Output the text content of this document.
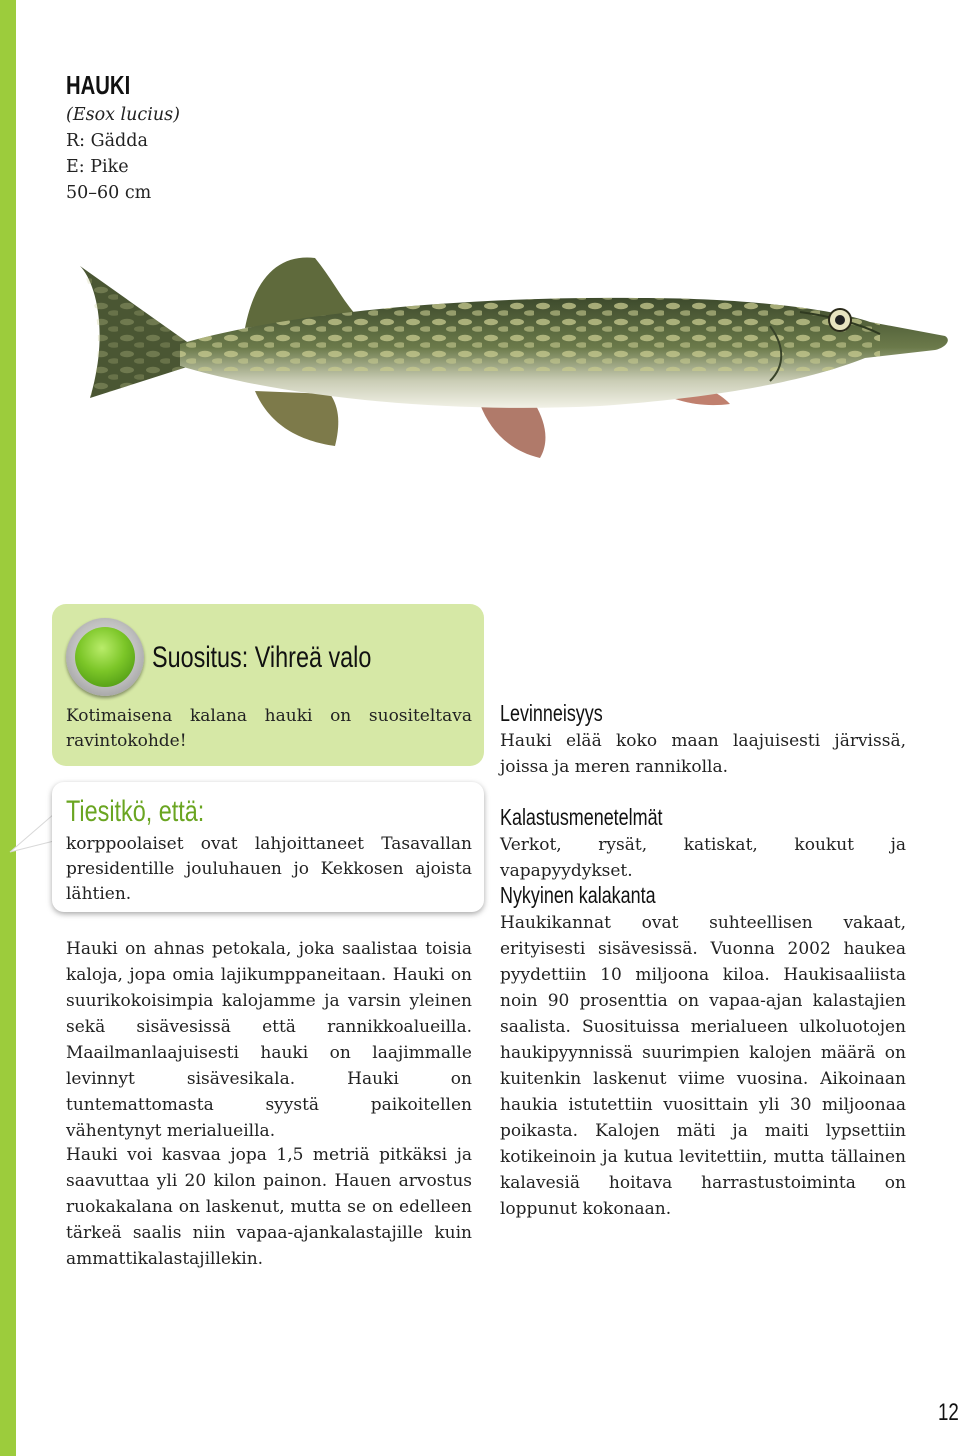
HAUKI
(Esox lucius)
R: Gädda
E: Pike
50–60 cm
Suositus: Vihreä valo
Kotimaisena kalana hauki on suositeltava ravintokohde!
Tiesitkö, että:
korppoolaiset ovat lahjoittaneet Tasavallan presidentille jouluhauen jo Kekkosen ajoista lähtien.
Hauki on ahnas petokala, joka saalistaa toisia kaloja, jopa omia lajikumppaneitaan. Hauki on suurikokoisimpia kalojamme ja varsin yleinen sekä sisävesissä että rannikkoalueilla. Maailmanlaajuisesti hauki on laajimmalle levinnyt sisävesikala. Hauki on tuntemattomasta syystä paikoitellen vähentynyt merialueilla.
Hauki voi kasvaa jopa 1,5 metriä pitkäksi ja saavuttaa yli 20 kilon painon. Hauen arvostus ruokakalana on laskenut, mutta se on edelleen tärkeä saalis niin vapaa-ajankalastajille kuin ammattikalastajillekin.
Levinneisyys
Hauki elää koko maan laajuisesti järvissä, joissa ja meren rannikolla.
Kalastusmenetelmät
Verkot, rysät, katiskat, koukut ja vapapyydykset.
Nykyinen kalakanta
Haukikannat ovat suhteellisen vakaat, erityisesti sisävesissä. Vuonna 2002 haukea pyydettiin 10 miljoona kiloa. Haukisaaliista noin 90 prosenttia on vapaa-ajan kalastajien saalista. Suosituissa merialueen ulkoluotojen haukipyynnissä suurimpien kalojen määrä on kuitenkin laskenut viime vuosina. Aikoinaan haukia istutettiin vuosittain yli 30 miljoonaa poikasta. Kalojen mäti ja maiti lypsettiin kotikeinoin ja kutua levitettiin, mutta tällainen kalavesiä hoitava harrastustoiminta on loppunut kokonaan.
12
